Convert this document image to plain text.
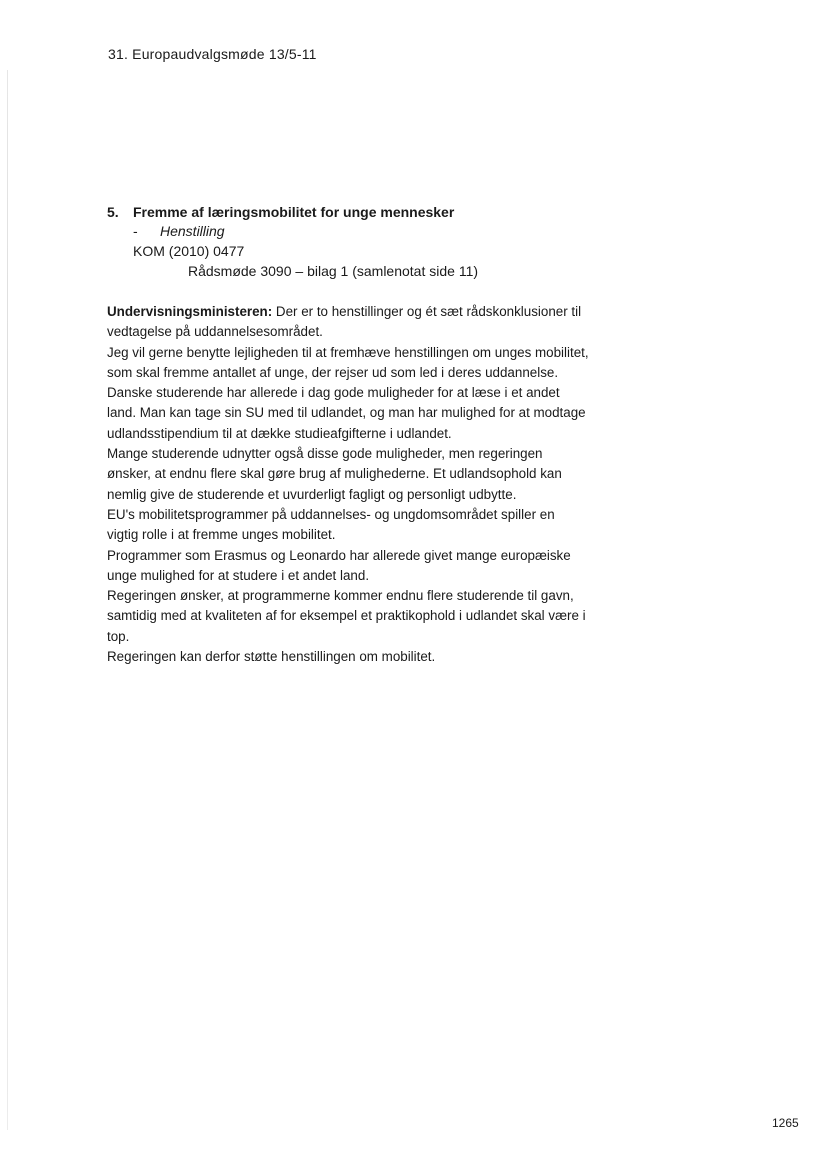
31. Europaudvalgsmøde 13/5-11

5. Fremme af læringsmobilitet for unge mennesker

- Henstilling

KOM (2010) 0477

Rådsmøde 3090 – bilag 1 (samlenotat side 11)

Undervisningsministeren: Der er to henstillinger og ét sæt rådskonklusioner til vedtagelse på uddannelsesområdet.

Jeg vil gerne benytte lejligheden til at fremhæve henstillingen om unges mobilitet, som skal fremme antallet af unge, der rejser ud som led i deres uddannelse.

Danske studerende har allerede i dag gode muligheder for at læse i et andet land. Man kan tage sin SU med til udlandet, og man har mulighed for at modtage udlandsstipendium til at dække studieafgifterne i udlandet.

Mange studerende udnytter også disse gode muligheder, men regeringen ønsker, at endnu flere skal gøre brug af mulighederne. Et udlandsophold kan nemlig give de studerende et uvurderligt fagligt og personligt udbytte.

EU's mobilitetsprogrammer på uddannelses- og ungdomsområdet spiller en vigtig rolle i at fremme unges mobilitet.

Programmer som Erasmus og Leonardo har allerede givet mange europæiske unge mulighed for at studere i et andet land.

Regeringen ønsker, at programmerne kommer endnu flere studerende til gavn, samtidig med at kvaliteten af for eksempel et praktikophold i udlandet skal være i top.

Regeringen kan derfor støtte henstillingen om mobilitet.

1265
